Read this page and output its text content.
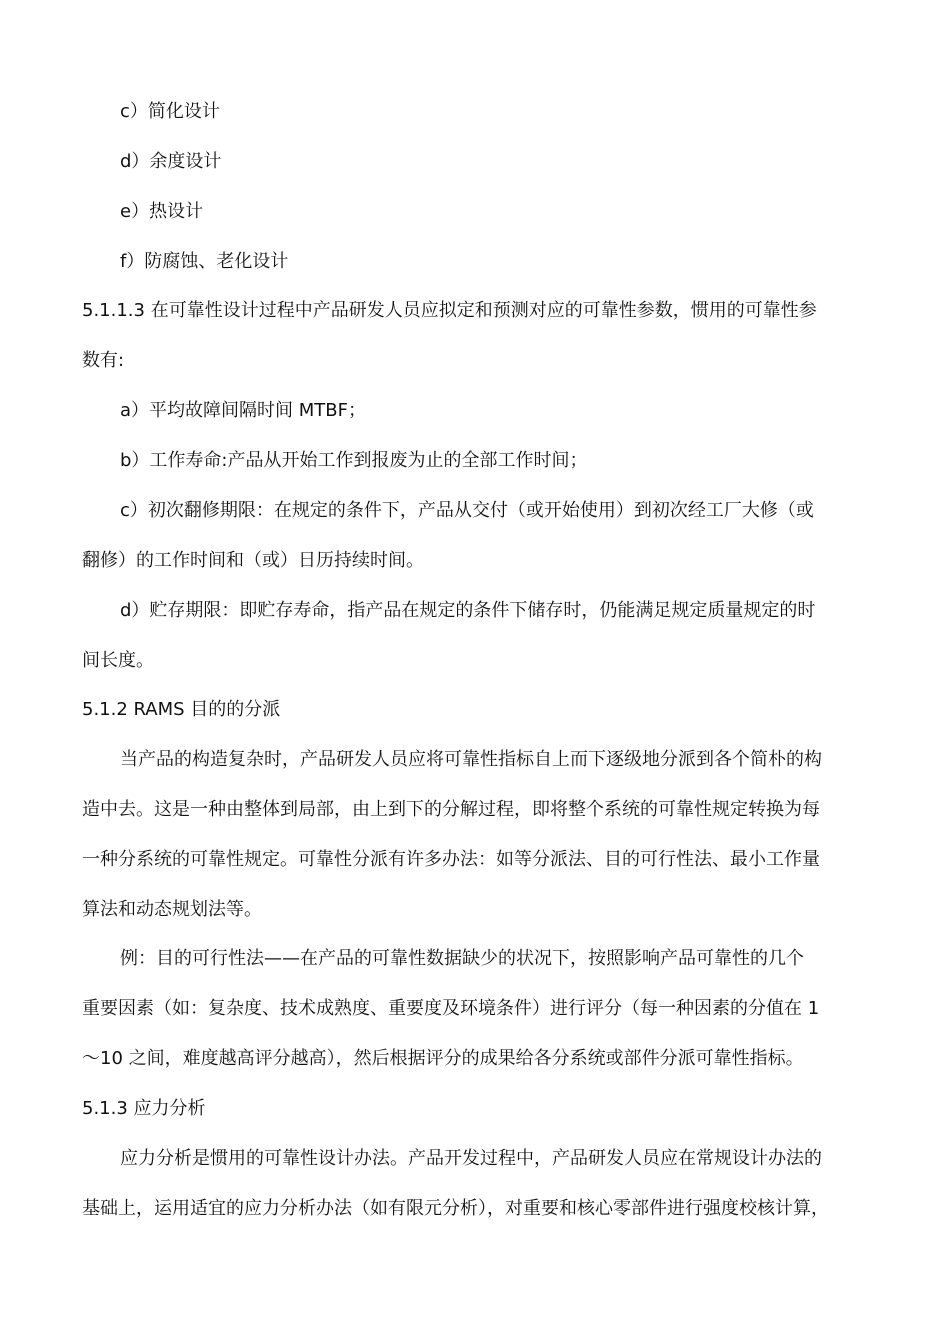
c）简化设计
d）余度设计
e）热设计
f）防腐蚀、老化设计
5.1.1.3 在可靠性设计过程中产品研发人员应拟定和预测对应的可靠性参数，惯用的可靠性参
数有:
a）平均故障间隔时间 MTBF；
b）工作寿命:产品从开始工作到报废为止的全部工作时间；
c）初次翻修期限：在规定的条件下，产品从交付（或开始使用）到初次经工厂大修（或
翻修）的工作时间和（或）日历持续时间。
d）贮存期限：即贮存寿命，指产品在规定的条件下储存时，仍能满足规定质量规定的时
间长度。
5.1.2 RAMS 目的的分派
当产品的构造复杂时，产品研发人员应将可靠性指标自上而下逐级地分派到各个简朴的构
造中去。这是一种由整体到局部，由上到下的分解过程，即将整个系统的可靠性规定转换为每
一种分系统的可靠性规定。可靠性分派有许多办法：如等分派法、目的可行性法、最小工作量
算法和动态规划法等。
例：目的可行性法——在产品的可靠性数据缺少的状况下，按照影响产品可靠性的几个
重要因素（如：复杂度、技术成熟度、重要度及环境条件）进行评分（每一种因素的分值在 1
～10 之间，难度越高评分越高），然后根据评分的成果给各分系统或部件分派可靠性指标。
5.1.3 应力分析
应力分析是惯用的可靠性设计办法。产品开发过程中，产品研发人员应在常规设计办法的
基础上，运用适宜的应力分析办法（如有限元分析），对重要和核心零部件进行强度校核计算，
